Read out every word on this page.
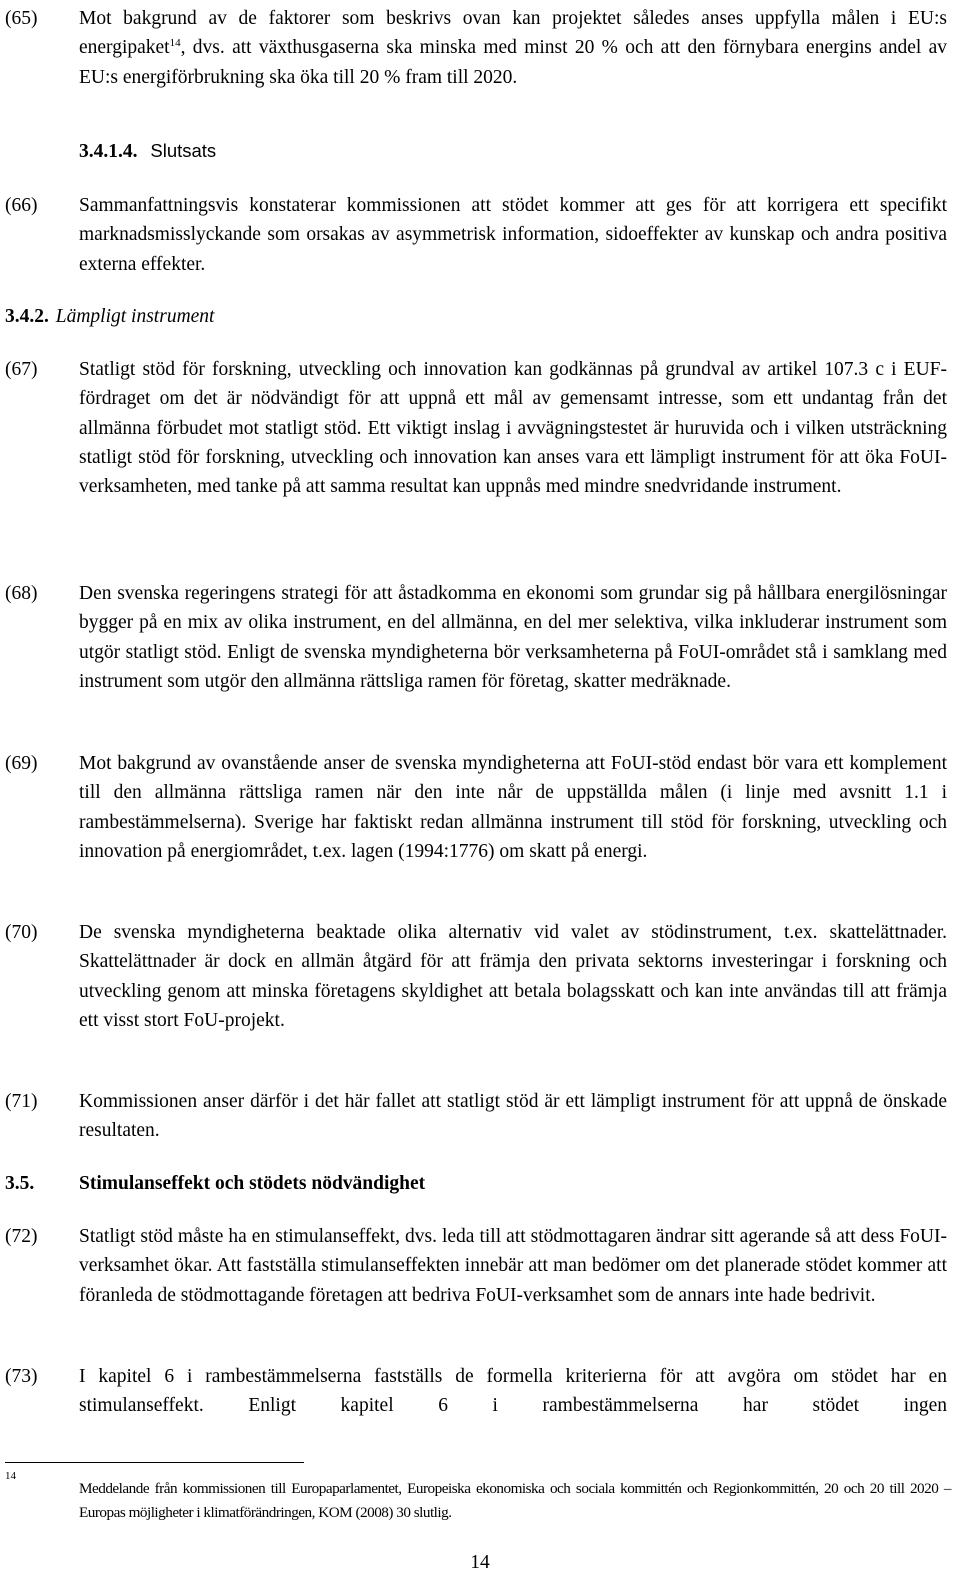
(65) Mot bakgrund av de faktorer som beskrivs ovan kan projektet således anses uppfylla målen i EU:s energipaket$^{14}$, dvs. att växthusgaserna ska minska med minst 20 % och att den förnybara energins andel av EU:s energiförbrukning ska öka till 20 % fram till 2020.
3.4.1.4. Slutsats
(66) Sammanfattningsvis konstaterar kommissionen att stödet kommer att ges för att korrigera ett specifikt marknadsmisslyckande som orsakas av asymmetrisk information, sidoeffekter av kunskap och andra positiva externa effekter.
3.4.2. Lämpligt instrument
(67) Statligt stöd för forskning, utveckling och innovation kan godkännas på grundval av artikel 107.3 c i EUF-fördraget om det är nödvändigt för att uppnå ett mål av gemensamt intresse, som ett undantag från det allmänna förbudet mot statligt stöd. Ett viktigt inslag i avvägningstestet är huruvida och i vilken utsträckning statligt stöd för forskning, utveckling och innovation kan anses vara ett lämpligt instrument för att öka FoUI-verksamheten, med tanke på att samma resultat kan uppnås med mindre snedvridande instrument.
(68) Den svenska regeringens strategi för att åstadkomma en ekonomi som grundar sig på hållbara energilösningar bygger på en mix av olika instrument, en del allmänna, en del mer selektiva, vilka inkluderar instrument som utgör statligt stöd. Enligt de svenska myndigheterna bör verksamheterna på FoUI-området stå i samklang med instrument som utgör den allmänna rättsliga ramen för företag, skatter medräknade.
(69) Mot bakgrund av ovanstående anser de svenska myndigheterna att FoUI-stöd endast bör vara ett komplement till den allmänna rättsliga ramen när den inte når de uppställda målen (i linje med avsnitt 1.1 i rambestämmelserna). Sverige har faktiskt redan allmänna instrument till stöd för forskning, utveckling och innovation på energiområdet, t.ex. lagen (1994:1776) om skatt på energi.
(70) De svenska myndigheterna beaktade olika alternativ vid valet av stödinstrument, t.ex. skattelättnader. Skattelättnader är dock en allmän åtgärd för att främja den privata sektorns investeringar i forskning och utveckling genom att minska företagens skyldighet att betala bolagsskatt och kan inte användas till att främja ett visst stort FoU-projekt.
(71) Kommissionen anser därför i det här fallet att statligt stöd är ett lämpligt instrument för att uppnå de önskade resultaten.
3.5. Stimulanseffekt och stödets nödvändighet
(72) Statligt stöd måste ha en stimulanseffekt, dvs. leda till att stödmottagaren ändrar sitt agerande så att dess FoUI-verksamhet ökar. Att fastställa stimulanseffekten innebär att man bedömer om det planerade stödet kommer att föranleda de stödmottagande företagen att bedriva FoUI-verksamhet som de annars inte hade bedrivit.
(73) I kapitel 6 i rambestämmelserna fastställs de formella kriterierna för att avgöra om stödet har en stimulanseffekt. Enligt kapitel 6 i rambestämmelserna har stödet ingen
14
Meddelande från kommissionen till Europaparlamentet, Europeiska ekonomiska och sociala kommittén och Regionkommittén, 20 och 20 till 2020 – Europas möjligheter i klimatförändringen, KOM (2008) 30 slutlig.
14
